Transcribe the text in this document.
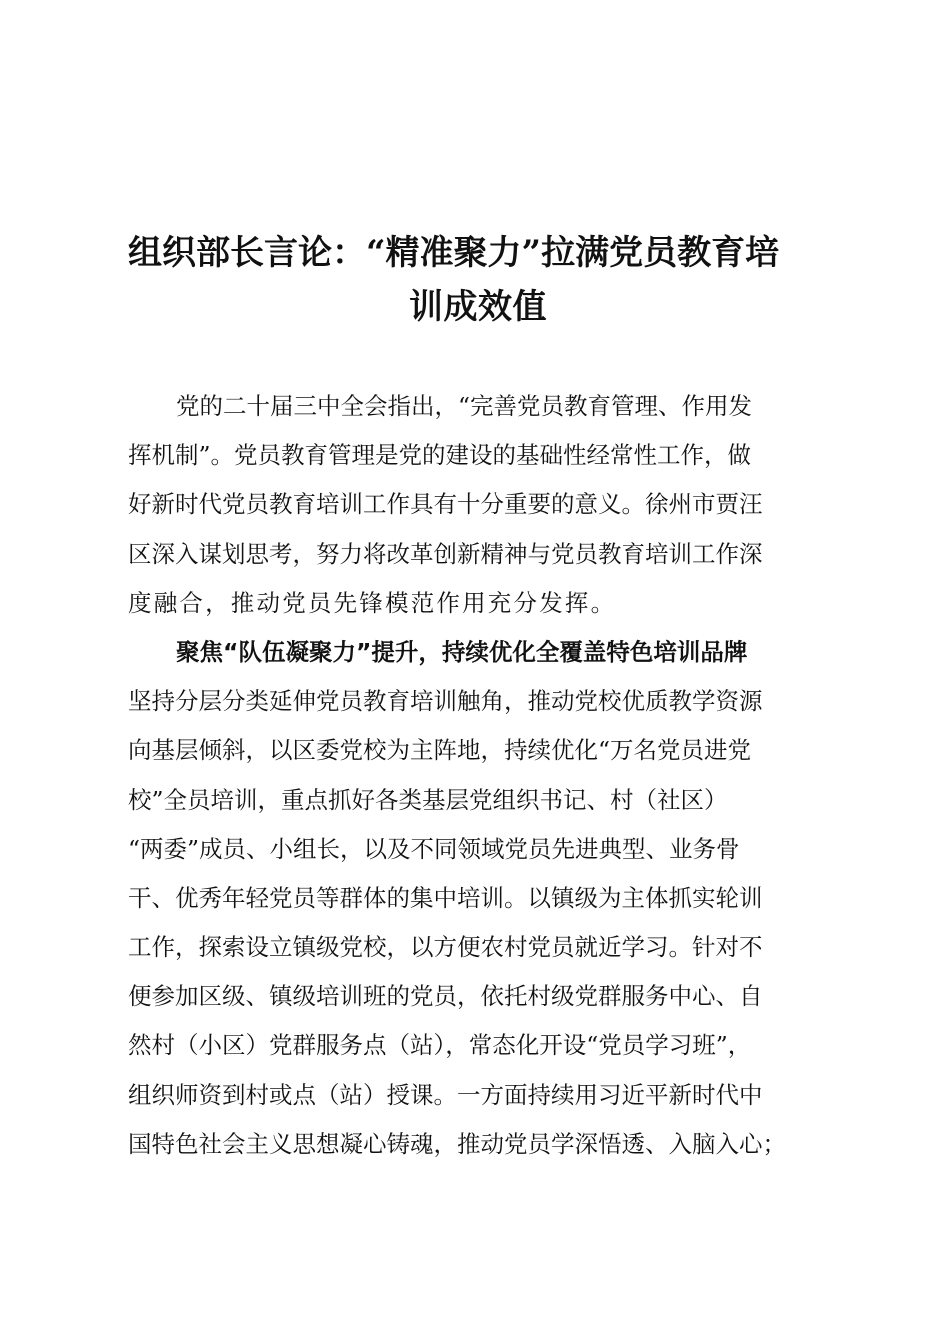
组织部长言论：“精准聚力”拉满党员教育培
训成效值
党的二十届三中全会指出，“完善党员教育管理、作用发
挥机制”。党员教育管理是党的建设的基础性经常性工作，做
好新时代党员教育培训工作具有十分重要的意义。徐州市贾汪
区深入谋划思考，努力将改革创新精神与党员教育培训工作深
度融合，推动党员先锋模范作用充分发挥。
聚焦“队伍凝聚力”提升，持续优化全覆盖特色培训品牌
坚持分层分类延伸党员教育培训触角，推动党校优质教学资源
向基层倾斜，以区委党校为主阵地，持续优化“万名党员进党
校”全员培训，重点抓好各类基层党组织书记、村（社区）
“两委”成员、小组长，以及不同领域党员先进典型、业务骨
干、优秀年轻党员等群体的集中培训。以镇级为主体抓实轮训
工作，探索设立镇级党校，以方便农村党员就近学习。针对不
便参加区级、镇级培训班的党员，依托村级党群服务中心、自
然村（小区）党群服务点（站），常态化开设“党员学习班”，
组织师资到村或点（站）授课。一方面持续用习近平新时代中
国特色社会主义思想凝心铸魂，推动党员学深悟透、入脑入心；
